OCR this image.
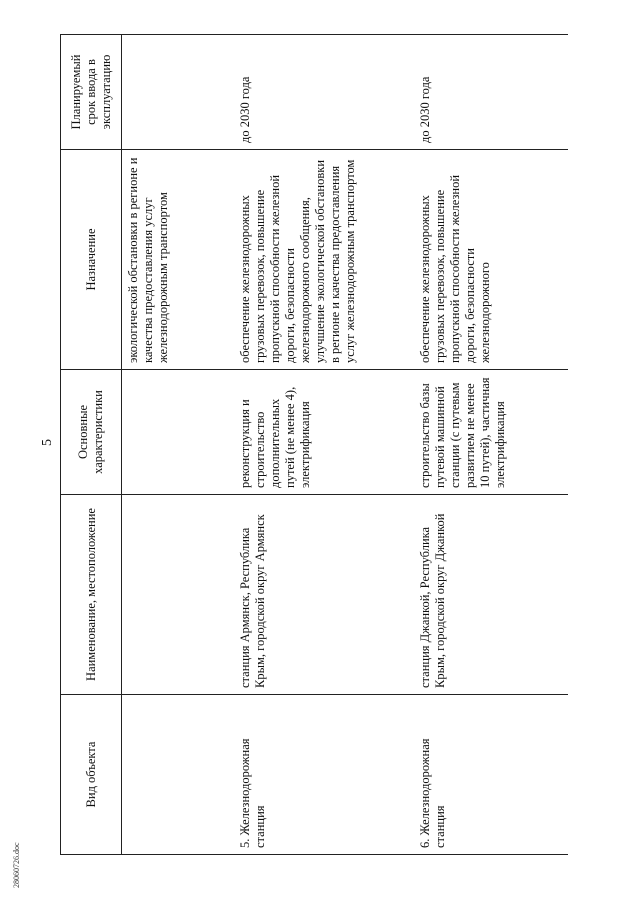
5
28060726.doc
Вид объекта	Наименование, местоположение	Основные характеристики	Назначение	Планируемый срок ввода в эксплуатацию
			экологической обстановки в регионе и качества предоставления услуг железнодорожным транспортом	
5. Железнодорожная станция	станция Армянск, Республика Крым, городской округ Армянск	реконструкция и строительство дополнительных путей (не менее 4), электрификация	обеспечение железнодорожных грузовых перевозок, повышение пропускной способности железной дороги, безопасности железнодорожного сообщения, улучшение экологической обстановки в регионе и качества предоставления услуг железнодорожным транспортом	до 2030 года
6. Железнодорожная станция	станция Джанкой, Республика Крым, городской округ Джанкой	строительство базы путевой машинной станции (с путевым развитием не менее 10 путей), частичная электрификация	обеспечение железнодорожных грузовых перевозок, повышение пропускной способности железной дороги, безопасности железнодорожного	до 2030 года
